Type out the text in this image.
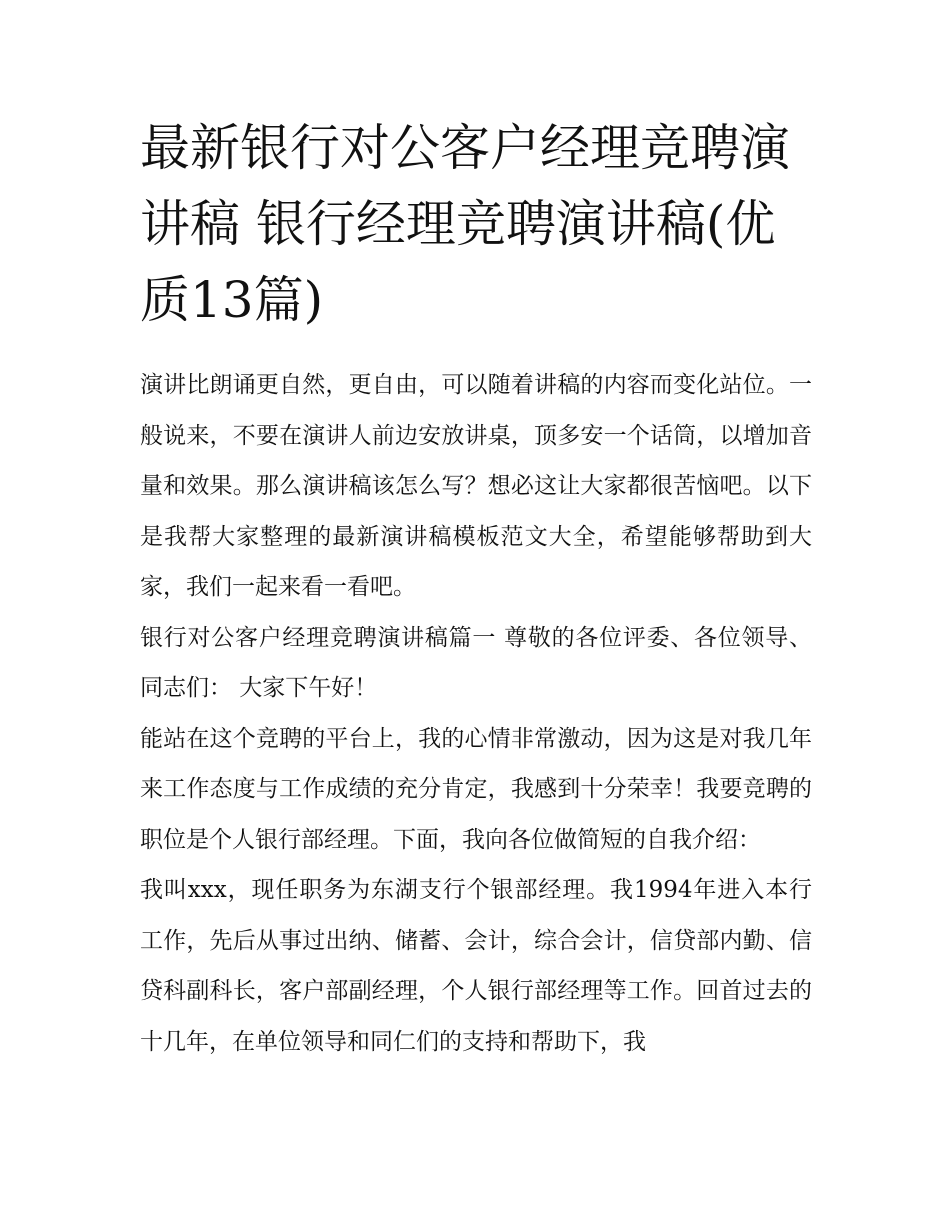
最新银行对公客户经理竞聘演讲稿 银行经理竞聘演讲稿(优质13篇)

演讲比朗诵更自然，更自由，可以随着讲稿的内容而变化站位。一般说来，不要在演讲人前边安放讲桌，顶多安一个话筒，以增加音量和效果。那么演讲稿该怎么写？想必这让大家都很苦恼吧。以下是我帮大家整理的最新演讲稿模板范文大全，希望能够帮助到大家，我们一起来看一看吧。

银行对公客户经理竞聘演讲稿篇一 尊敬的各位评委、各位领导、同志们： 大家下午好！

能站在这个竞聘的平台上，我的心情非常激动，因为这是对我几年来工作态度与工作成绩的充分肯定，我感到十分荣幸！我要竞聘的职位是个人银行部经理。下面，我向各位做简短的自我介绍：

我叫xxx，现任职务为东湖支行个银部经理。我1994年进入本行工作，先后从事过出纳、储蓄、会计，综合会计，信贷部内勤、信贷科副科长，客户部副经理，个人银行部经理等工作。回首过去的十几年，在单位领导和同仁们的支持和帮助下，我
